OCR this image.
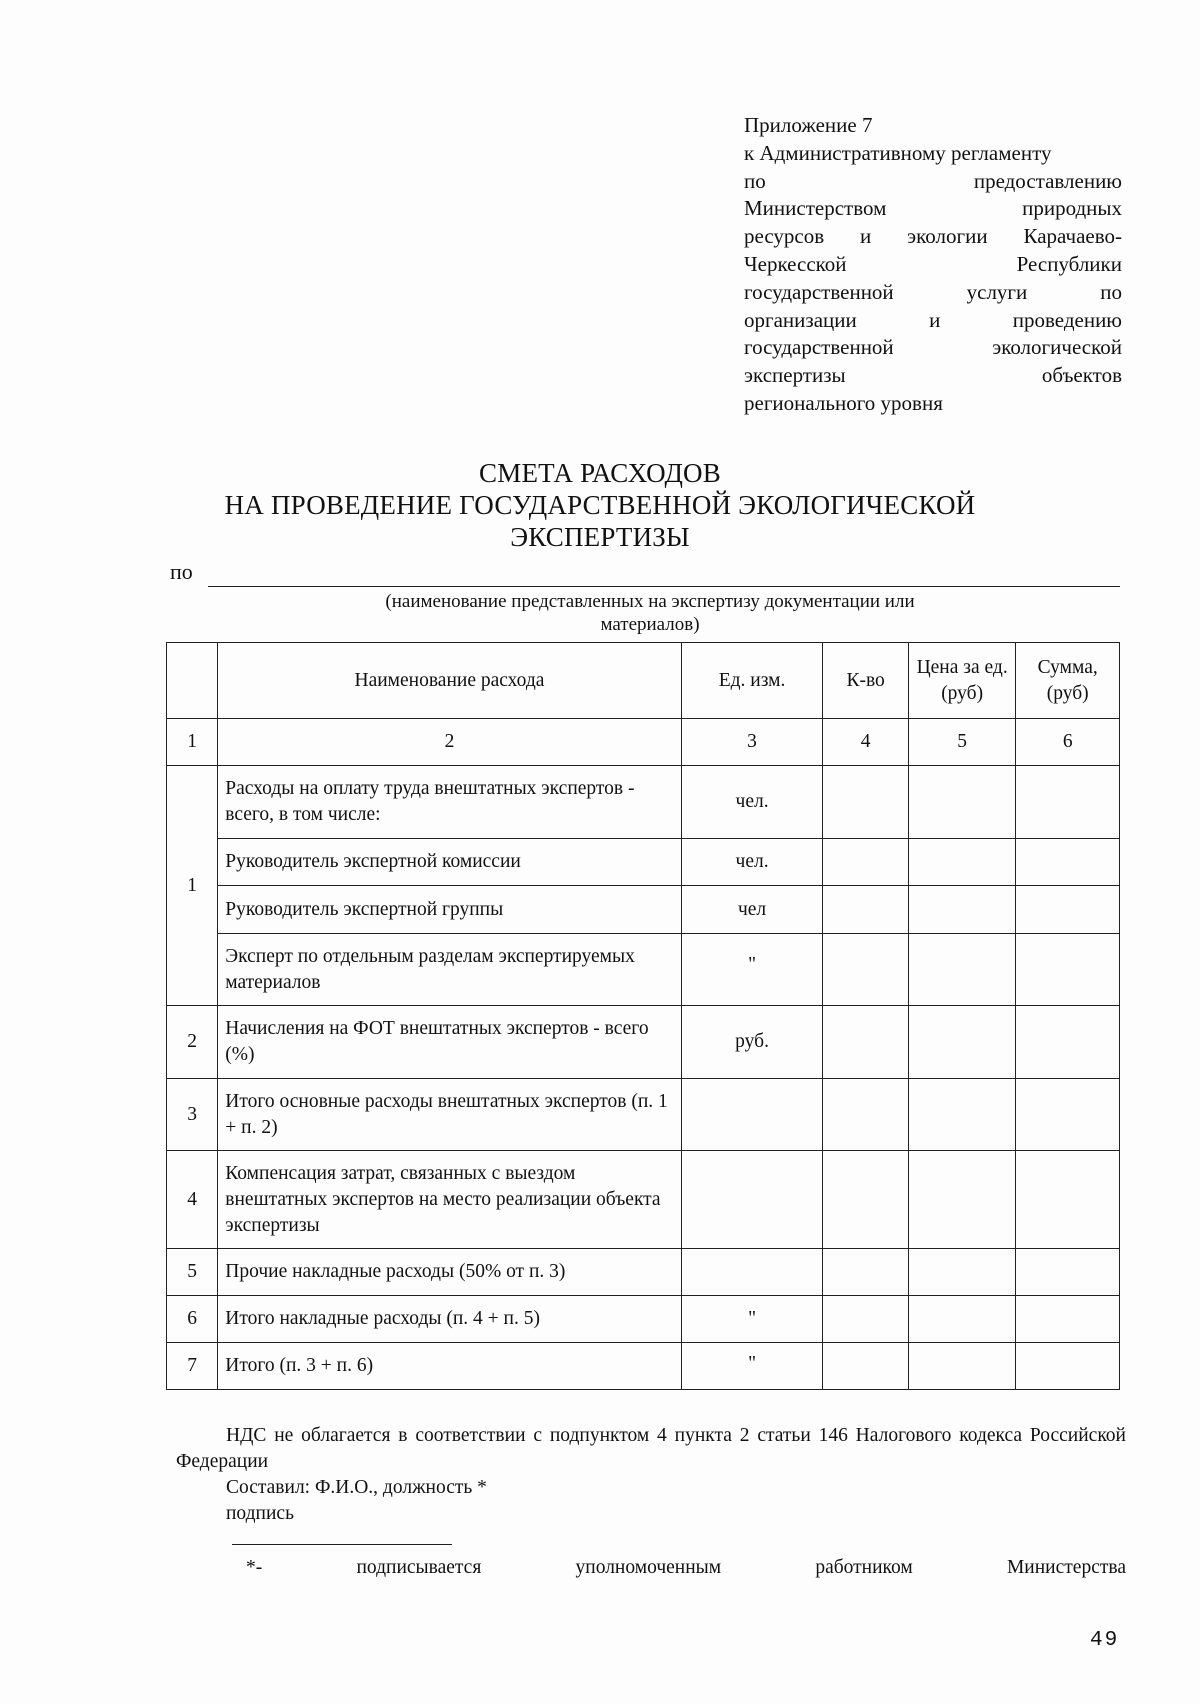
Приложение 7
к Административному регламенту
по	предоставлению
Министерством	природных
ресурсов и экологии Карачаево-
Черкесской	Республики
государственной	услуги	по
организации	и	проведению
государственной	экологической
экспертизы	объектов
регионального уровня
СМЕТА РАСХОДОВ
НА ПРОВЕДЕНИЕ ГОСУДАРСТВЕННОЙ ЭКОЛОГИЧЕСКОЙ
ЭКСПЕРТИЗЫ
по
(наименование представленных на экспертизу документации или
материалов)
	Наименование расхода	Ед. изм.	К-во	Цена за ед. (руб)	Сумма, (руб)
1	2	3	4	5	6
1	Расходы на оплату труда внештатных экспертов - всего, в том числе:	чел.			
	Руководитель экспертной комиссии	чел.			
	Руководитель экспертной группы	чел			
	Эксперт по отдельным разделам экспертируемых материалов	"			
2	Начисления на ФОТ внештатных экспертов - всего (%)	руб.			
3	Итого основные расходы внештатных экспертов (п. 1 + п. 2)				
4	Компенсация затрат, связанных с выездом внештатных экспертов на место реализации объекта экспертизы				
5	Прочие накладные расходы (50% от п. 3)				
6	Итого накладные расходы (п. 4 + п. 5)	"			
7	Итого (п. 3 + п. 6)	"			
НДС не облагается в соответствии с подпунктом 4 пункта 2 статьи 146 Налогового кодекса Российской Федерации
Составил: Ф.И.О., должность *
подпись
*-	подписывается	уполномоченным	работником	Министерства
49
